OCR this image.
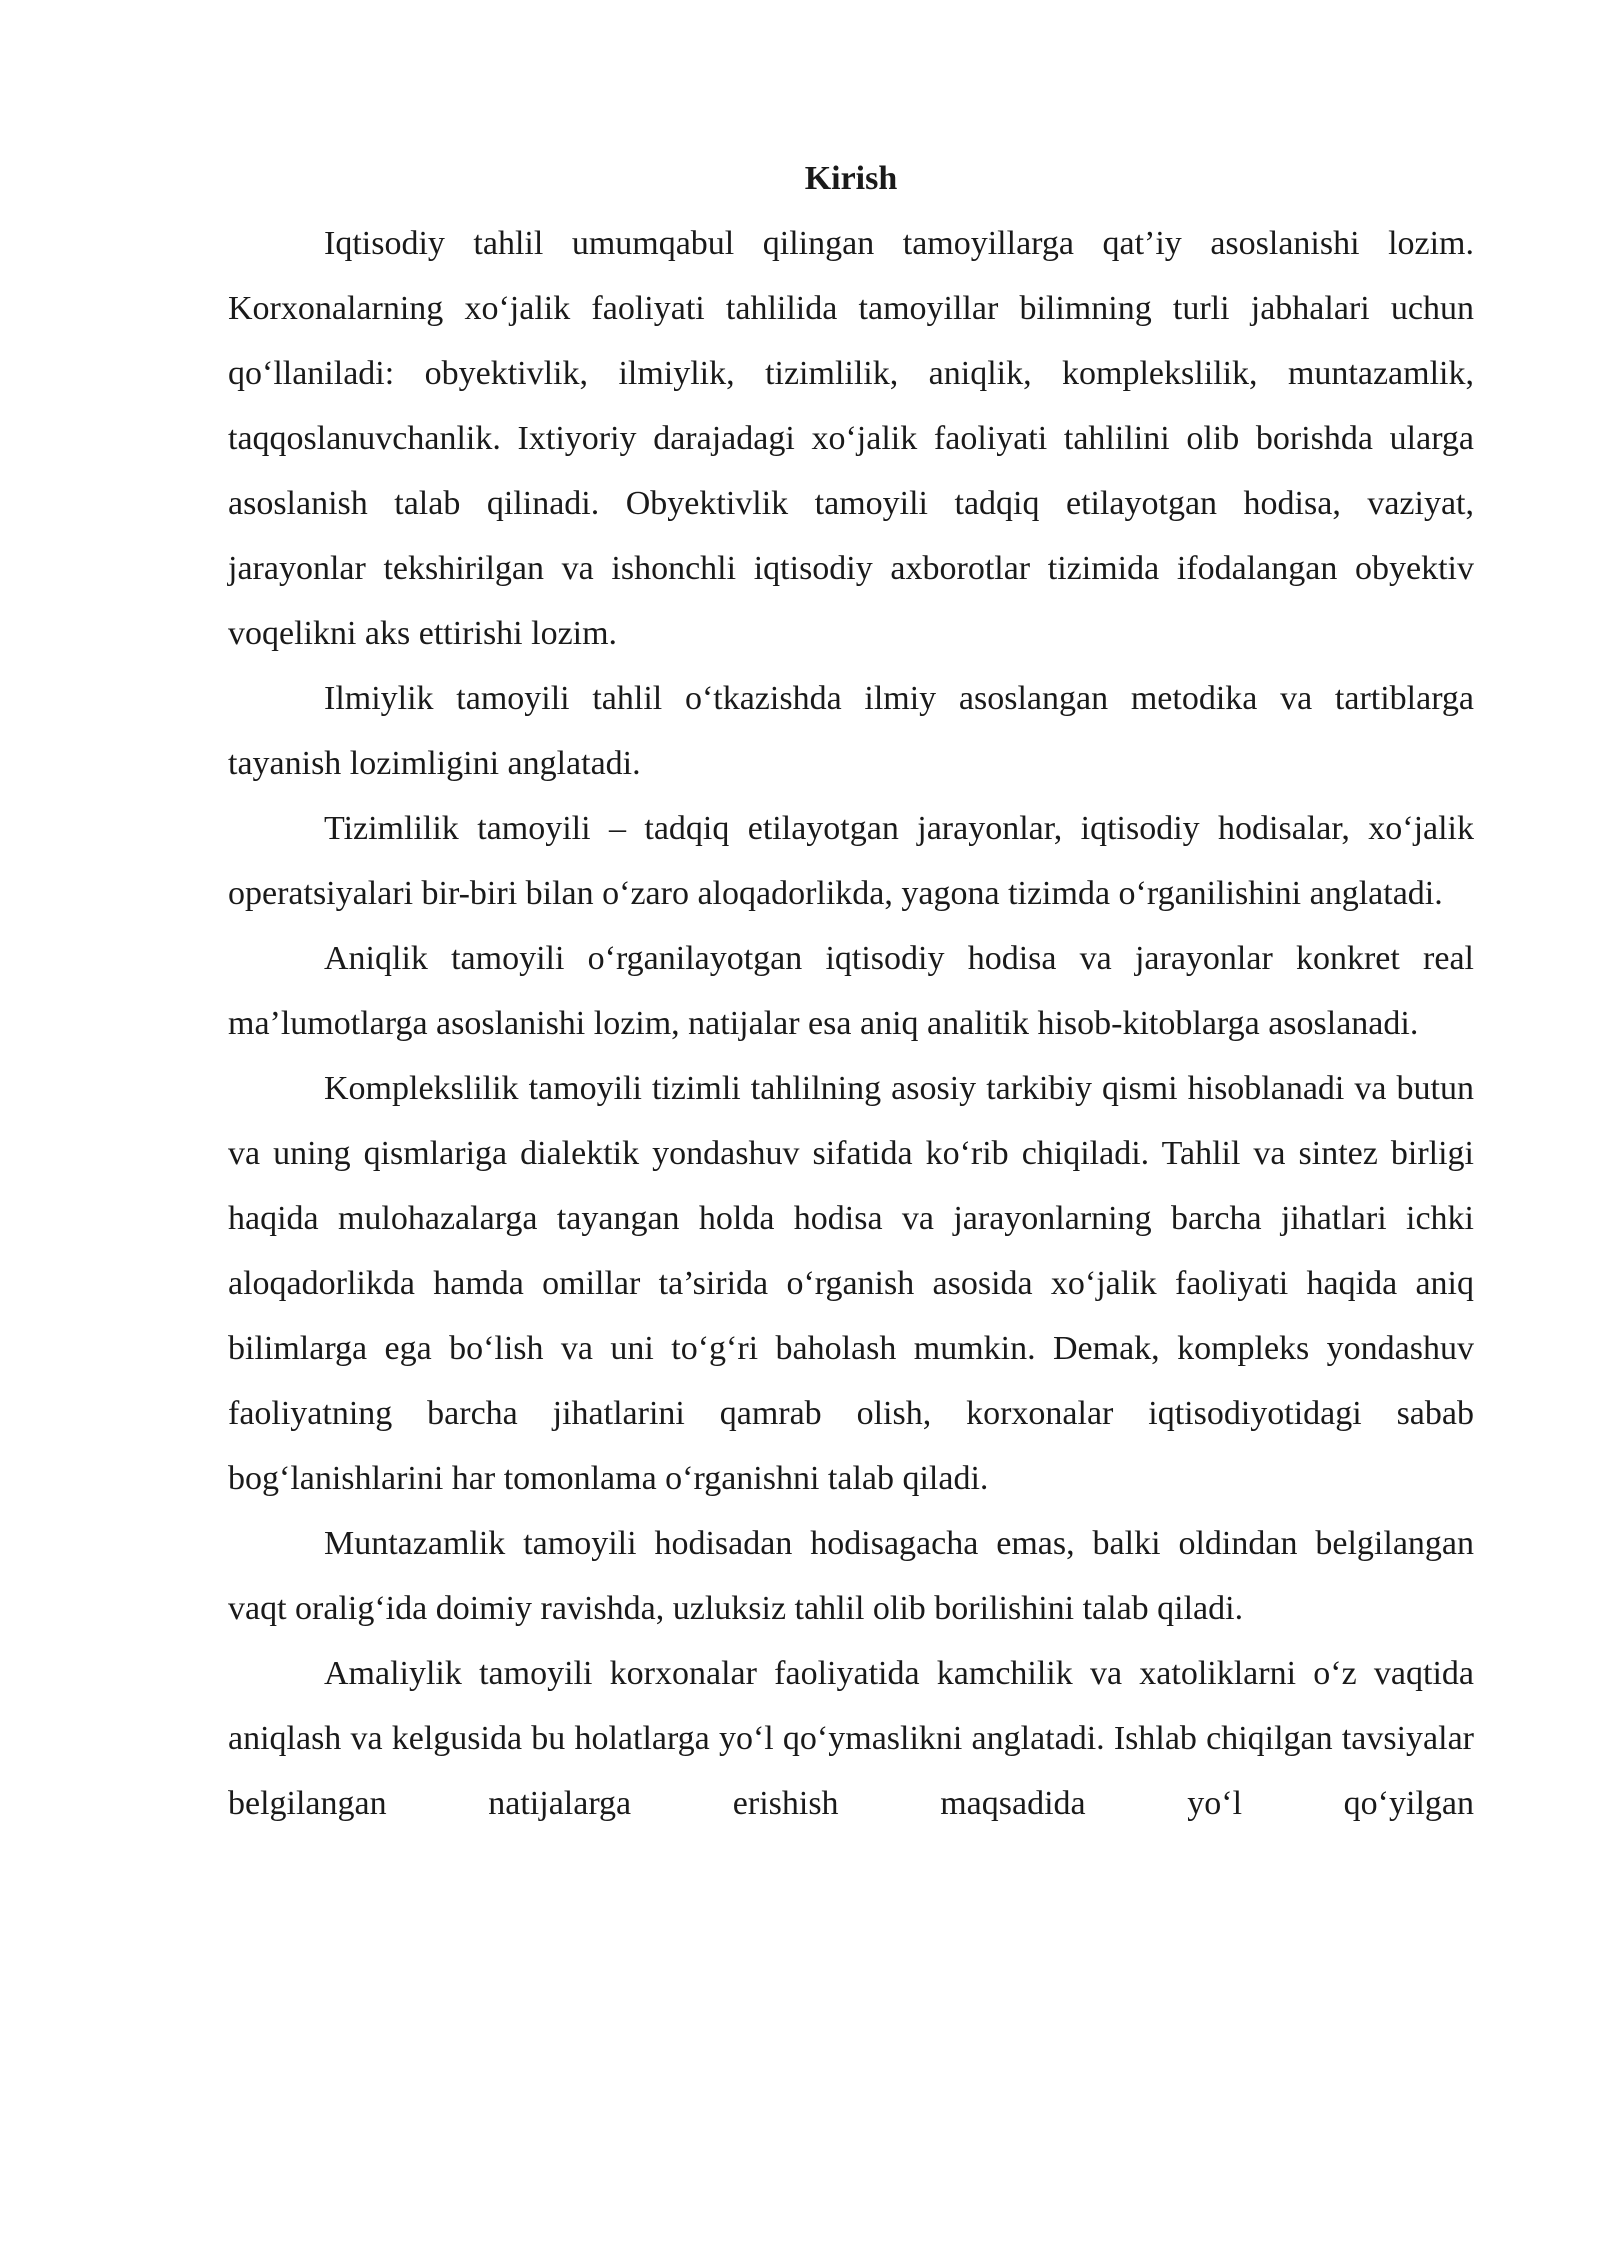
Kirish

Iqtisodiy tahlil umumqabul qilingan tamoyillarga qat’iy asoslanishi lozim. Korxonalarning xo‘jalik faoliyati tahlilida tamoyillar bilimning turli jabhalari uchun qo‘llaniladi: obyektivlik, ilmiylik, tizimlilik, aniqlik, komplekslilik, muntazamlik, taqqoslanuvchanlik. Ixtiyoriy darajadagi xo‘jalik faoliyati tahlilini olib borishda ularga asoslanish talab qilinadi. Obyektivlik tamoyili tadqiq etilayotgan hodisa, vaziyat, jarayonlar tekshirilgan va ishonchli iqtisodiy axborotlar tizimida ifodalangan obyektiv voqelikni aks ettirishi lozim.

Ilmiylik tamoyili tahlil o‘tkazishda ilmiy asoslangan metodika va tartiblarga tayanish lozimligini anglatadi.

Tizimlilik tamoyili – tadqiq etilayotgan jarayonlar, iqtisodiy hodisalar, xo‘jalik operatsiyalari bir-biri bilan o‘zaro aloqadorlikda, yagona tizimda o‘rganilishini anglatadi.

Aniqlik tamoyili o‘rganilayotgan iqtisodiy hodisa va jarayonlar konkret real ma’lumotlarga asoslanishi lozim, natijalar esa aniq analitik hisob-kitoblarga asoslanadi.

Komplekslilik tamoyili tizimli tahlilning asosiy tarkibiy qismi hisoblanadi va butun va uning qismlariga dialektik yondashuv sifatida ko‘rib chiqiladi. Tahlil va sintez birligi haqida mulohazalarga tayangan holda hodisa va jarayonlarning barcha jihatlari ichki aloqadorlikda hamda omillar ta’sirida o‘rganish asosida xo‘jalik faoliyati haqida aniq bilimlarga ega bo‘lish va uni to‘g‘ri baholash mumkin. Demak, kompleks yondashuv faoliyatning barcha jihatlarini qamrab olish, korxonalar iqtisodiyotidagi sabab bog‘lanishlarini har tomonlama o‘rganishni talab qiladi.

Muntazamlik tamoyili hodisadan hodisagacha emas, balki oldindan belgilangan vaqt oralig‘ida doimiy ravishda, uzluksiz tahlil olib borilishini talab qiladi.

Amaliylik tamoyili korxonalar faoliyatida kamchilik va xatoliklarni o‘z vaqtida aniqlash va kelgusida bu holatlarga yo‘l qo‘ymaslikni anglatadi. Ishlab chiqilgan tavsiyalar belgilangan natijalarga erishish maqsadida yo‘l qo‘yilgan
